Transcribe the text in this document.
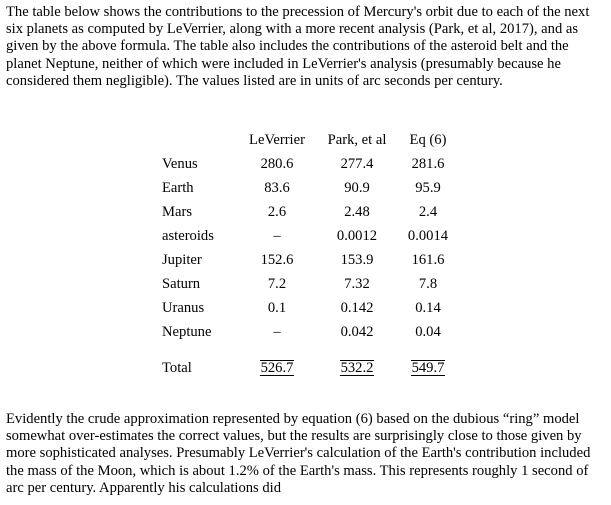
The table below shows the contributions to the precession of Mercury's orbit due to each of the next six planets as computed by LeVerrier, along with a more recent analysis (Park, et al, 2017), and as given by the above formula. The table also includes the contributions of the asteroid belt and the planet Neptune, neither of which were included in LeVerrier's analysis (presumably because he considered them negligible). The values listed are in units of arc seconds per century.

	LeVerrier	Park, et al	Eq (6)
Venus	280.6	277.4	281.6
Earth	83.6	90.9	95.9
Mars	2.6	2.48	2.4
asteroids	–	0.0012	0.0014
Jupiter	152.6	153.9	161.6
Saturn	7.2	7.32	7.8
Uranus	0.1	0.142	0.14
Neptune	–	0.042	0.04

Total	526.7	532.2	549.7

Evidently the crude approximation represented by equation (6) based on the dubious “ring” model somewhat over-estimates the correct values, but the results are surprisingly close to those given by more sophisticated analyses. Presumably LeVerrier's calculation of the Earth's contribution included the mass of the Moon, which is about 1.2% of the Earth's mass. This represents roughly 1 second of arc per century. Apparently his calculations did
